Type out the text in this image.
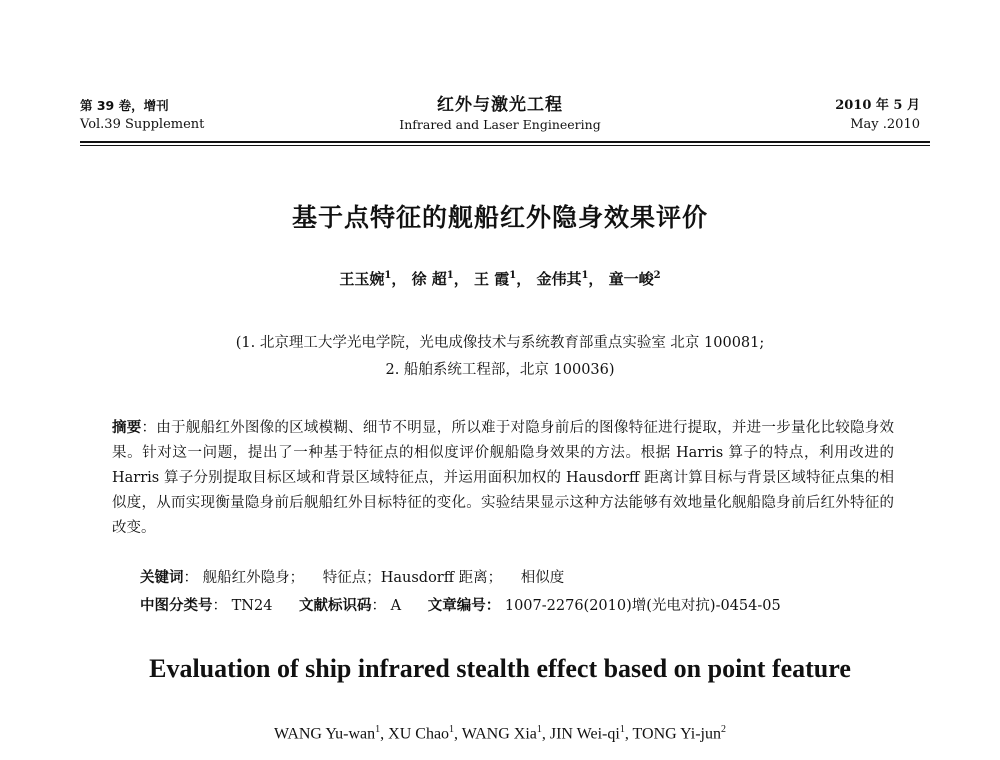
第 39 卷，增刊
Vol.39 Supplement
红外与激光工程
Infrared and Laser Engineering
2010 年 5 月
May .2010
基于点特征的舰船红外隐身效果评价
王玉婉$^1$， 徐 超$^1$， 王 霞$^1$， 金伟其$^1$， 童一峻$^2$
(1. 北京理工大学光电学院，光电成像技术与系统教育部重点实验室 北京 100081;
2. 船舶系统工程部，北京 100036)
摘要：由于舰船红外图像的区域模糊、细节不明显，所以难于对隐身前后的图像特征进行提取，并进一步量化比较隐身效果。针对这一问题，提出了一种基于特征点的相似度评价舰船隐身效果的方法。根据 Harris 算子的特点，利用改进的 Harris 算子分别提取目标区域和背景区域特征点，并运用面积加权的 Hausdorff 距离计算目标与背景区域特征点集的相似度，从而实现衡量隐身前后舰船红外目标特征的变化。实验结果显示这种方法能够有效地量化舰船隐身前后红外特征的改变。
关键词： 舰船红外隐身； 特征点；Hausdorff 距离； 相似度
中图分类号： TN24 文献标识码： A 文章编号： 1007-2276(2010)增(光电对抗)-0454-05
Evaluation of ship infrared stealth effect based on point feature
WANG Yu-wan$^1$, XU Chao$^1$, WANG Xia$^1$, JIN Wei-$qi^1$, TONG Yi-jun$^2$
